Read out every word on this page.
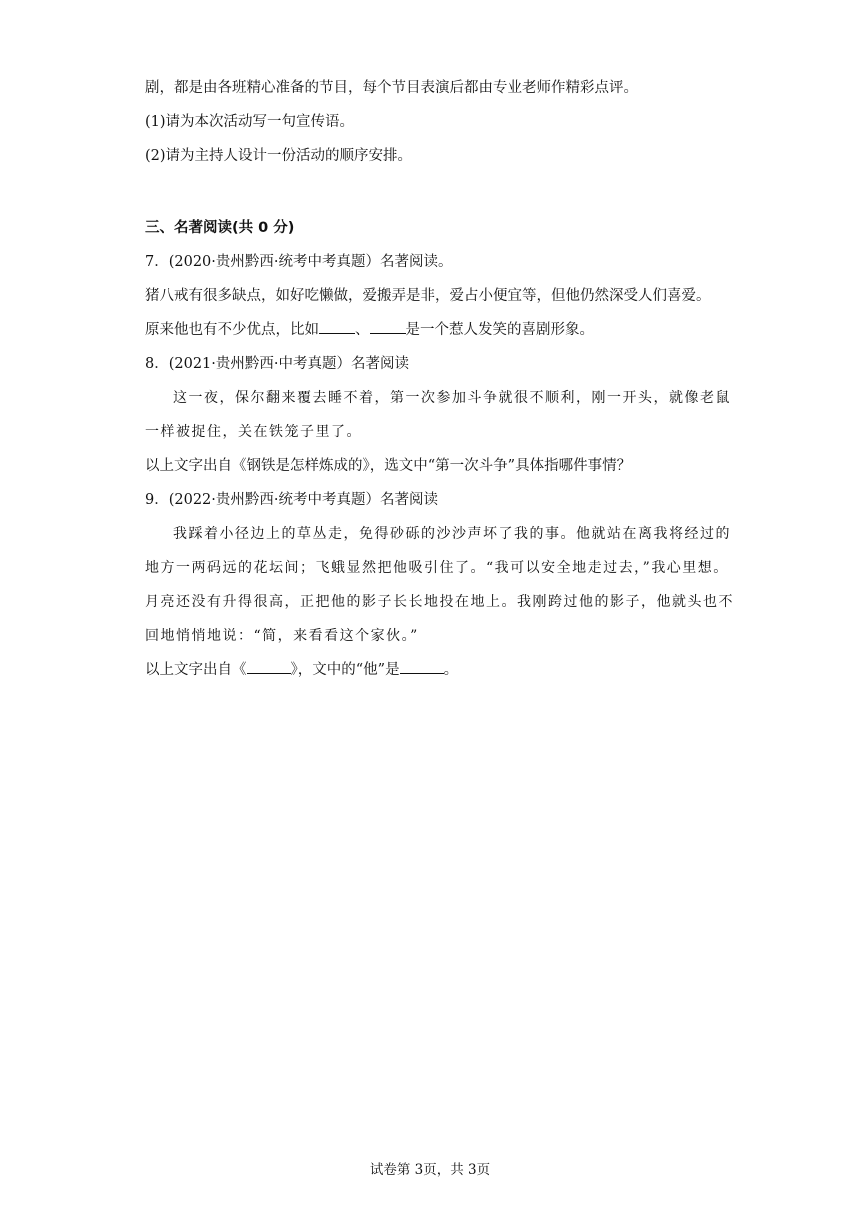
剧，都是由各班精心准备的节目，每个节目表演后都由专业老师作精彩点评。
(1)请为本次活动写一句宣传语。
(2)请为主持人设计一份活动的顺序安排。
三、名著阅读(共 0 分)
7．(2020·贵州黔西·统考中考真题）名著阅读。
猪八戒有很多缺点，如好吃懒做，爱搬弄是非，爱占小便宜等，但他仍然深受人们喜爱。
原来他也有不少优点，比如 、 是一个惹人发笑的喜剧形象。
8．(2021·贵州黔西·中考真题）名著阅读
这一夜，保尔翻来覆去睡不着，第一次参加斗争就很不顺利，刚一开头，就像老鼠
一样被捉住，关在铁笼子里了。
以上文字出自《钢铁是怎样炼成的》，选文中“第一次斗争”具体指哪件事情？
9．(2022·贵州黔西·统考中考真题）名著阅读
我踩着小径边上的草丛走，免得砂砾的沙沙声坏了我的事。他就站在离我将经过的
地方一两码远的花坛间；飞蛾显然把他吸引住了。“我可以安全地走过去，”我心里想。
月亮还没有升得很高，正把他的影子长长地投在地上。我刚跨过他的影子，他就头也不
回地悄悄地说：“简，来看看这个家伙。”
以上文字出自《	》，文中的“他”是	。
试卷第 3页，共 3页
